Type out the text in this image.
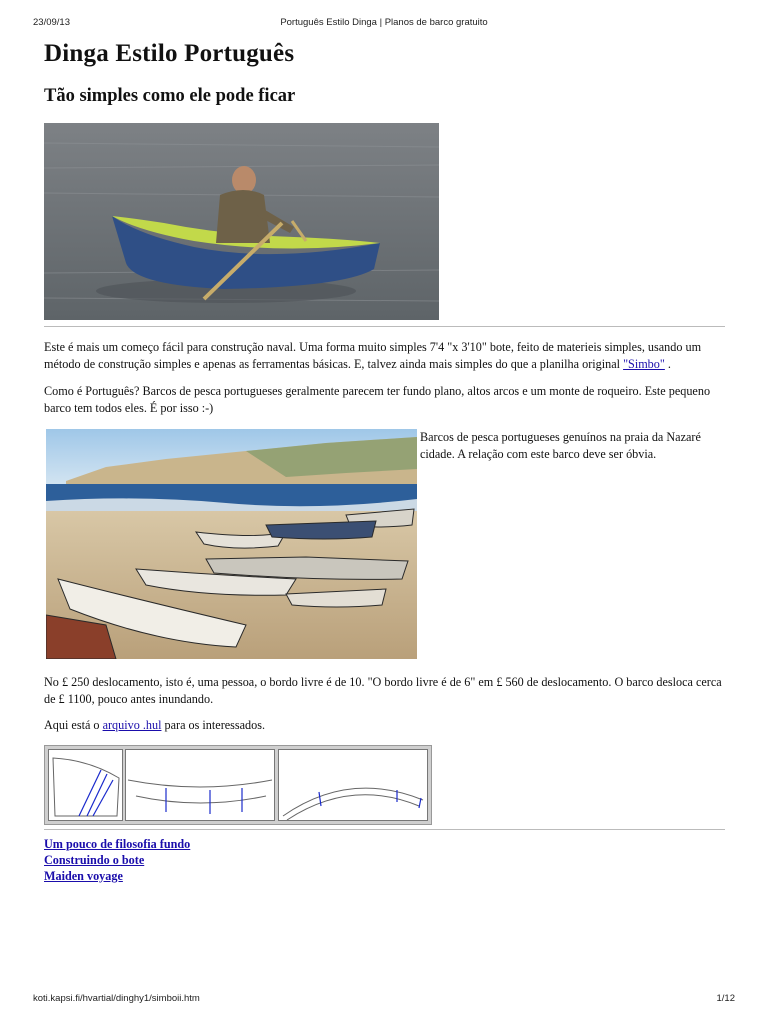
23/09/13	Português Estilo Dinga | Planos de barco gratuito
Dinga Estilo Português
Tão simples como ele pode ficar

Este é mais um começo fácil para construção naval. Uma forma muito simples 7'4 "x 3'10" bote, feito de materieis simples, usando um método de construção simples e apenas as ferramentas básicas. E, talvez ainda mais simples do que a planilha original "Simbo" .

Como é Português? Barcos de pesca portugueses geralmente parecem ter fundo plano, altos arcos e um monte de roqueiro. Este pequeno barco tem todos eles. É por isso :-)

Barcos de pesca portugueses genuínos na praia da Nazaré cidade. A relação com este barco deve ser óbvia.

No £ 250 deslocamento, isto é, uma pessoa, o bordo livre é de 10. "O bordo livre é de 6" em £ 560 de deslocamento. O barco desloca cerca de £ 1100, pouco antes inundando.

Aqui está o arquivo .hul para os interessados.

Um pouco de filosofia fundo
Construindo o bote
Maiden voyage
koti.kapsi.fi/hvartial/dinghy1/simboii.htm	1/12
